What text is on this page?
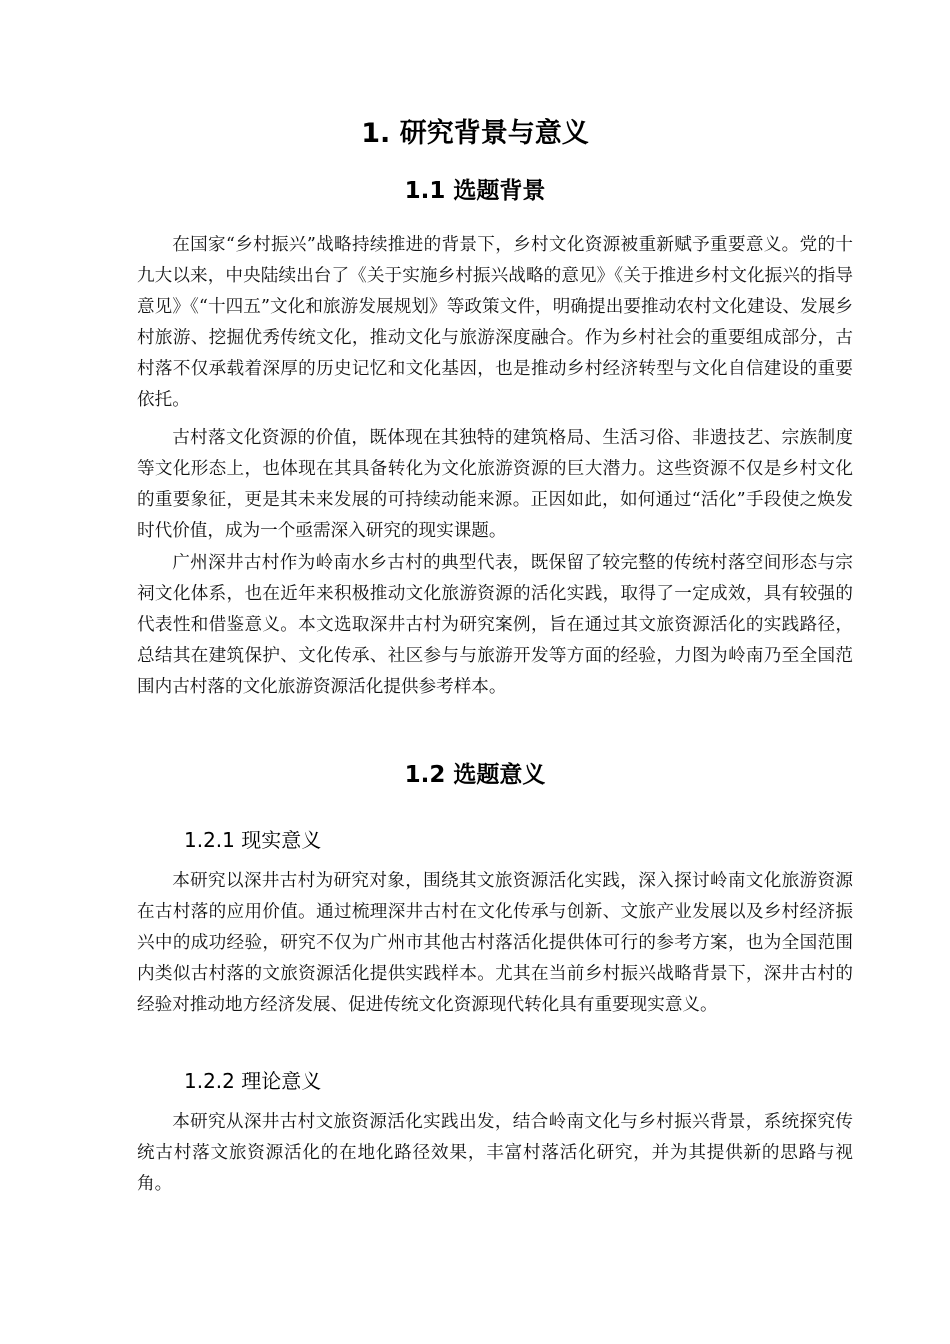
1. 研究背景与意义
1.1 选题背景

在国家“乡村振兴”战略持续推进的背景下，乡村文化资源被重新赋予重要意义。党的十九大以来，中央陆续出台了《关于实施乡村振兴战略的意见》《关于推进乡村文化振兴的指导意见》《“十四五”文化和旅游发展规划》等政策文件，明确提出要推动农村文化建设、发展乡村旅游、挖掘优秀传统文化，推动文化与旅游深度融合。作为乡村社会的重要组成部分，古村落不仅承载着深厚的历史记忆和文化基因，也是推动乡村经济转型与文化自信建设的重要依托。

古村落文化资源的价值，既体现在其独特的建筑格局、生活习俗、非遗技艺、宗族制度等文化形态上，也体现在其具备转化为文化旅游资源的巨大潜力。这些资源不仅是乡村文化的重要象征，更是其未来发展的可持续动能来源。正因如此，如何通过“活化”手段使之焕发时代价值，成为一个亟需深入研究的现实课题。

广州深井古村作为岭南水乡古村的典型代表，既保留了较完整的传统村落空间形态与宗祠文化体系，也在近年来积极推动文化旅游资源的活化实践，取得了一定成效，具有较强的代表性和借鉴意义。本文选取深井古村为研究案例，旨在通过其文旅资源活化的实践路径，总结其在建筑保护、文化传承、社区参与与旅游开发等方面的经验，力图为岭南乃至全国范围内古村落的文化旅游资源活化提供参考样本。

1.2 选题意义
1.2.1 现实意义

本研究以深井古村为研究对象，围绕其文旅资源活化实践，深入探讨岭南文化旅游资源在古村落的应用价值。通过梳理深井古村在文化传承与创新、文旅产业发展以及乡村经济振兴中的成功经验，研究不仅为广州市其他古村落活化提供体可行的参考方案，也为全国范围内类似古村落的文旅资源活化提供实践样本。尤其在当前乡村振兴战略背景下，深井古村的经验对推动地方经济发展、促进传统文化资源现代转化具有重要现实意义。

1.2.2 理论意义

本研究从深井古村文旅资源活化实践出发，结合岭南文化与乡村振兴背景，系统探究传统古村落文旅资源活化的在地化路径效果，丰富村落活化研究，并为其提供新的思路与视角。
